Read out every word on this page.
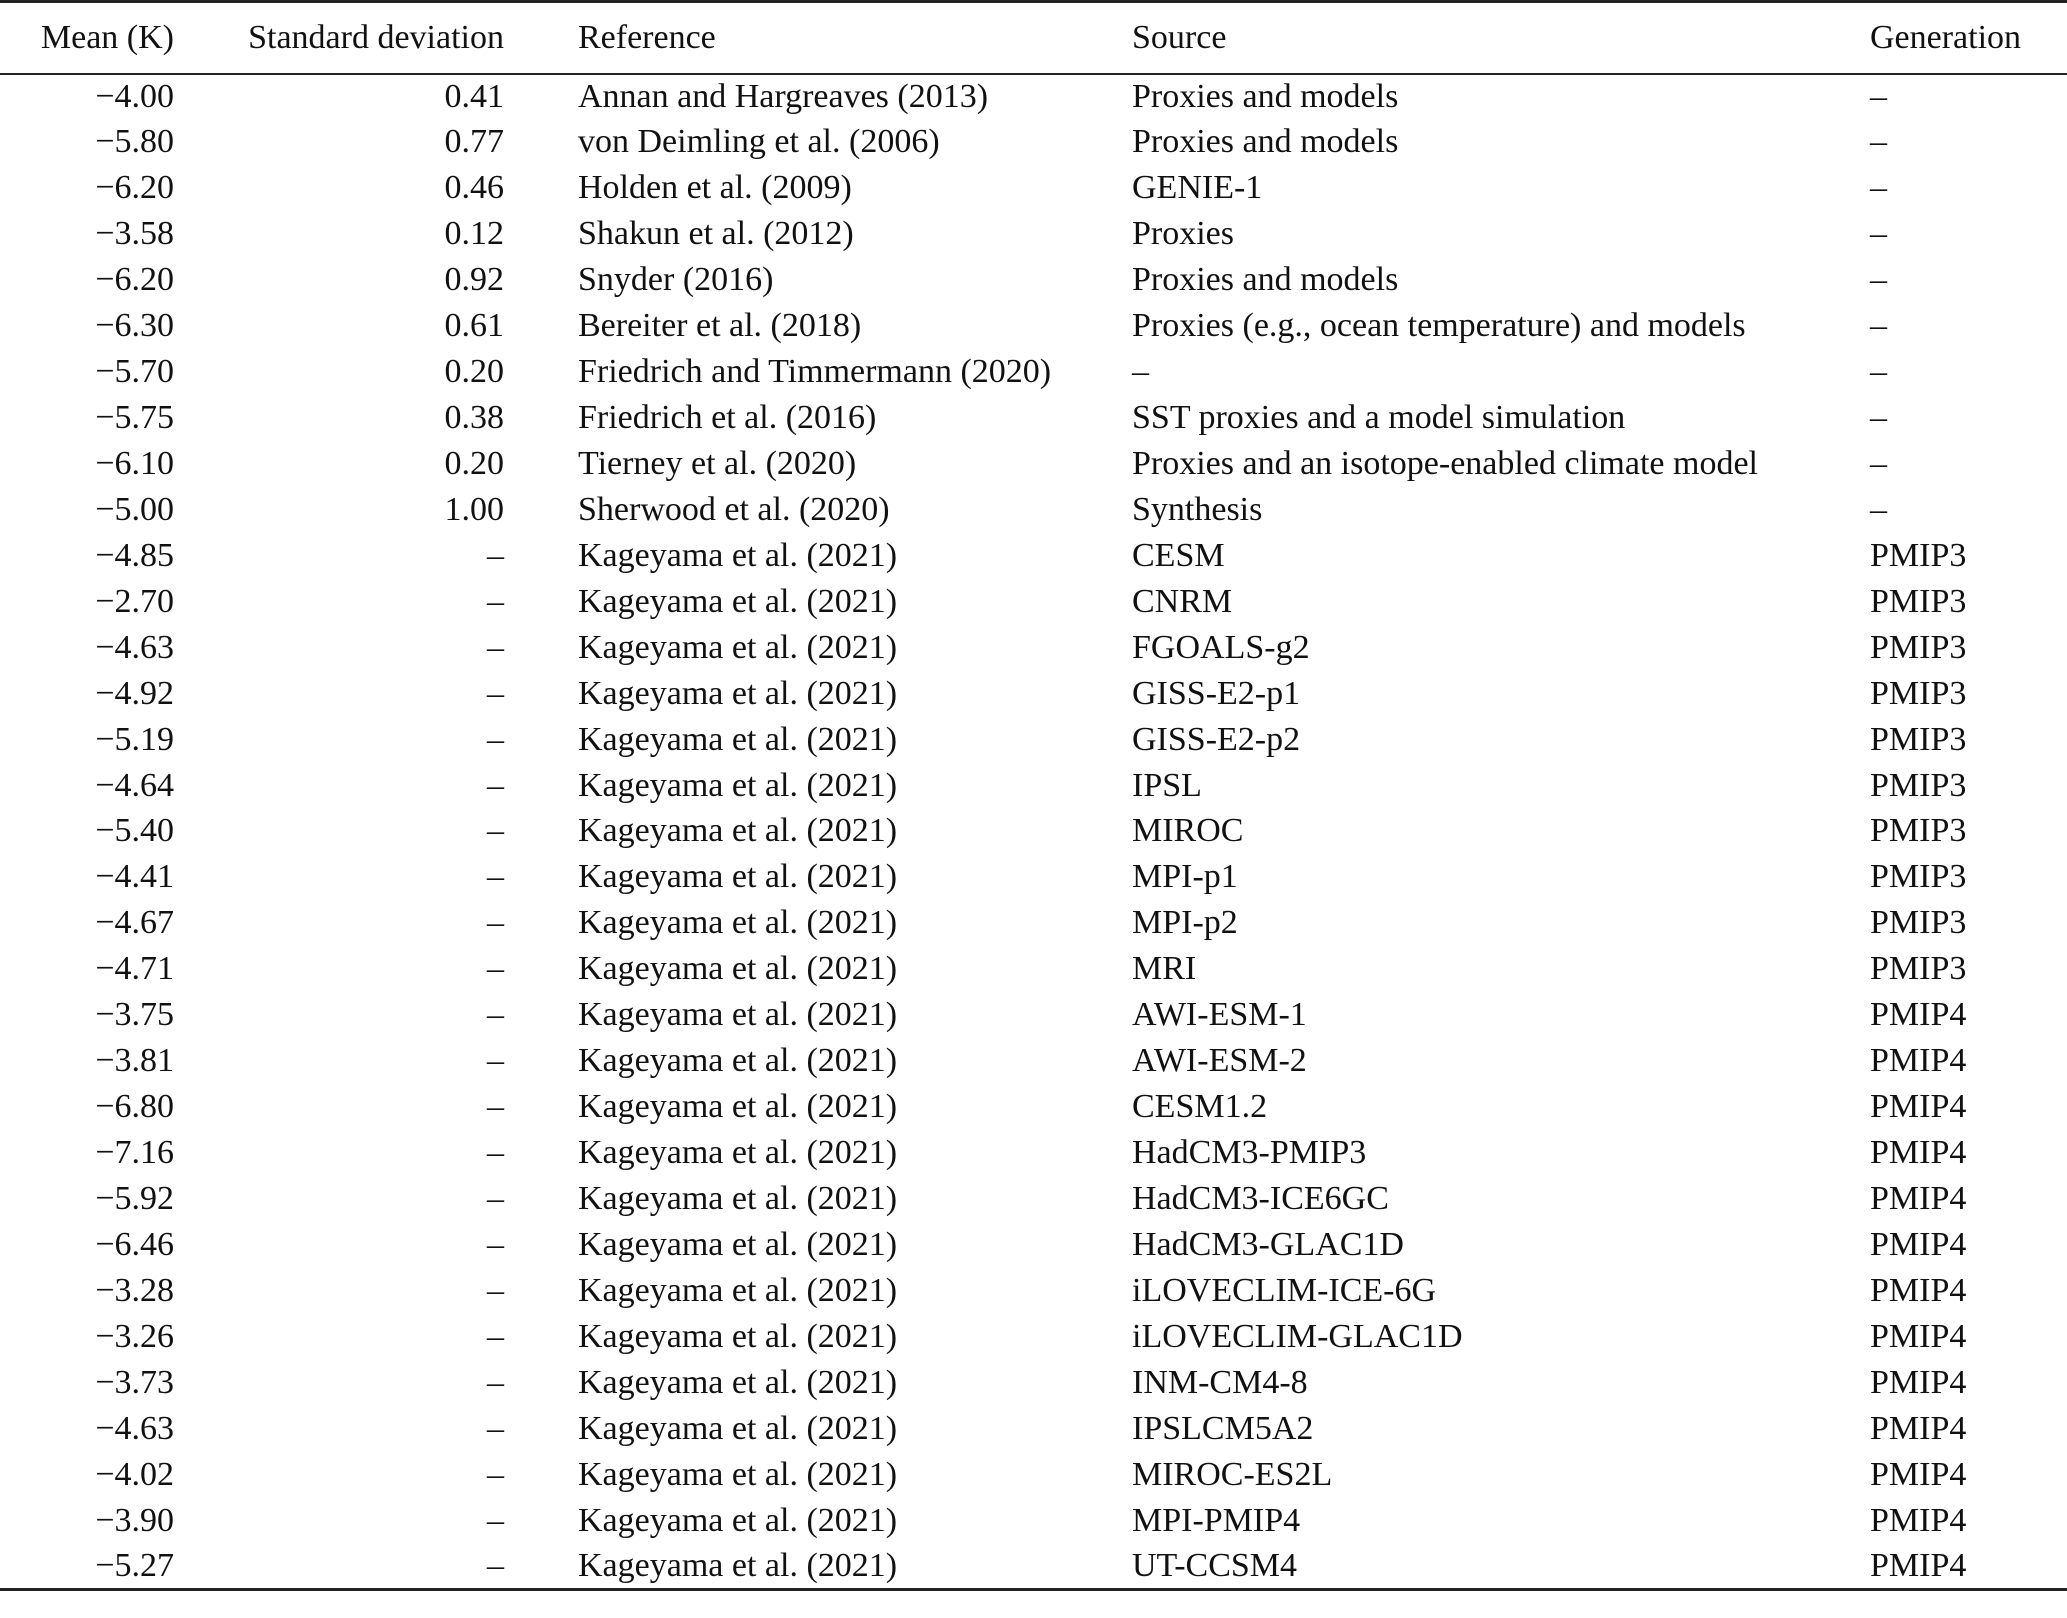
Mean (K)	Standard deviation	Reference	Source	Generation
−4.00	0.41	Annan and Hargreaves (2013)	Proxies and models	–
−5.80	0.77	von Deimling et al. (2006)	Proxies and models	–
−6.20	0.46	Holden et al. (2009)	GENIE-1	–
−3.58	0.12	Shakun et al. (2012)	Proxies	–
−6.20	0.92	Snyder (2016)	Proxies and models	–
−6.30	0.61	Bereiter et al. (2018)	Proxies (e.g., ocean temperature) and models	–
−5.70	0.20	Friedrich and Timmermann (2020)	–	–
−5.75	0.38	Friedrich et al. (2016)	SST proxies and a model simulation	–
−6.10	0.20	Tierney et al. (2020)	Proxies and an isotope-enabled climate model	–
−5.00	1.00	Sherwood et al. (2020)	Synthesis	–
−4.85	–	Kageyama et al. (2021)	CESM	PMIP3
−2.70	–	Kageyama et al. (2021)	CNRM	PMIP3
−4.63	–	Kageyama et al. (2021)	FGOALS-g2	PMIP3
−4.92	–	Kageyama et al. (2021)	GISS-E2-p1	PMIP3
−5.19	–	Kageyama et al. (2021)	GISS-E2-p2	PMIP3
−4.64	–	Kageyama et al. (2021)	IPSL	PMIP3
−5.40	–	Kageyama et al. (2021)	MIROC	PMIP3
−4.41	–	Kageyama et al. (2021)	MPI-p1	PMIP3
−4.67	–	Kageyama et al. (2021)	MPI-p2	PMIP3
−4.71	–	Kageyama et al. (2021)	MRI	PMIP3
−3.75	–	Kageyama et al. (2021)	AWI-ESM-1	PMIP4
−3.81	–	Kageyama et al. (2021)	AWI-ESM-2	PMIP4
−6.80	–	Kageyama et al. (2021)	CESM1.2	PMIP4
−7.16	–	Kageyama et al. (2021)	HadCM3-PMIP3	PMIP4
−5.92	–	Kageyama et al. (2021)	HadCM3-ICE6GC	PMIP4
−6.46	–	Kageyama et al. (2021)	HadCM3-GLAC1D	PMIP4
−3.28	–	Kageyama et al. (2021)	iLOVECLIM-ICE-6G	PMIP4
−3.26	–	Kageyama et al. (2021)	iLOVECLIM-GLAC1D	PMIP4
−3.73	–	Kageyama et al. (2021)	INM-CM4-8	PMIP4
−4.63	–	Kageyama et al. (2021)	IPSLCM5A2	PMIP4
−4.02	–	Kageyama et al. (2021)	MIROC-ES2L	PMIP4
−3.90	–	Kageyama et al. (2021)	MPI-PMIP4	PMIP4
−5.27	–	Kageyama et al. (2021)	UT-CCSM4	PMIP4
